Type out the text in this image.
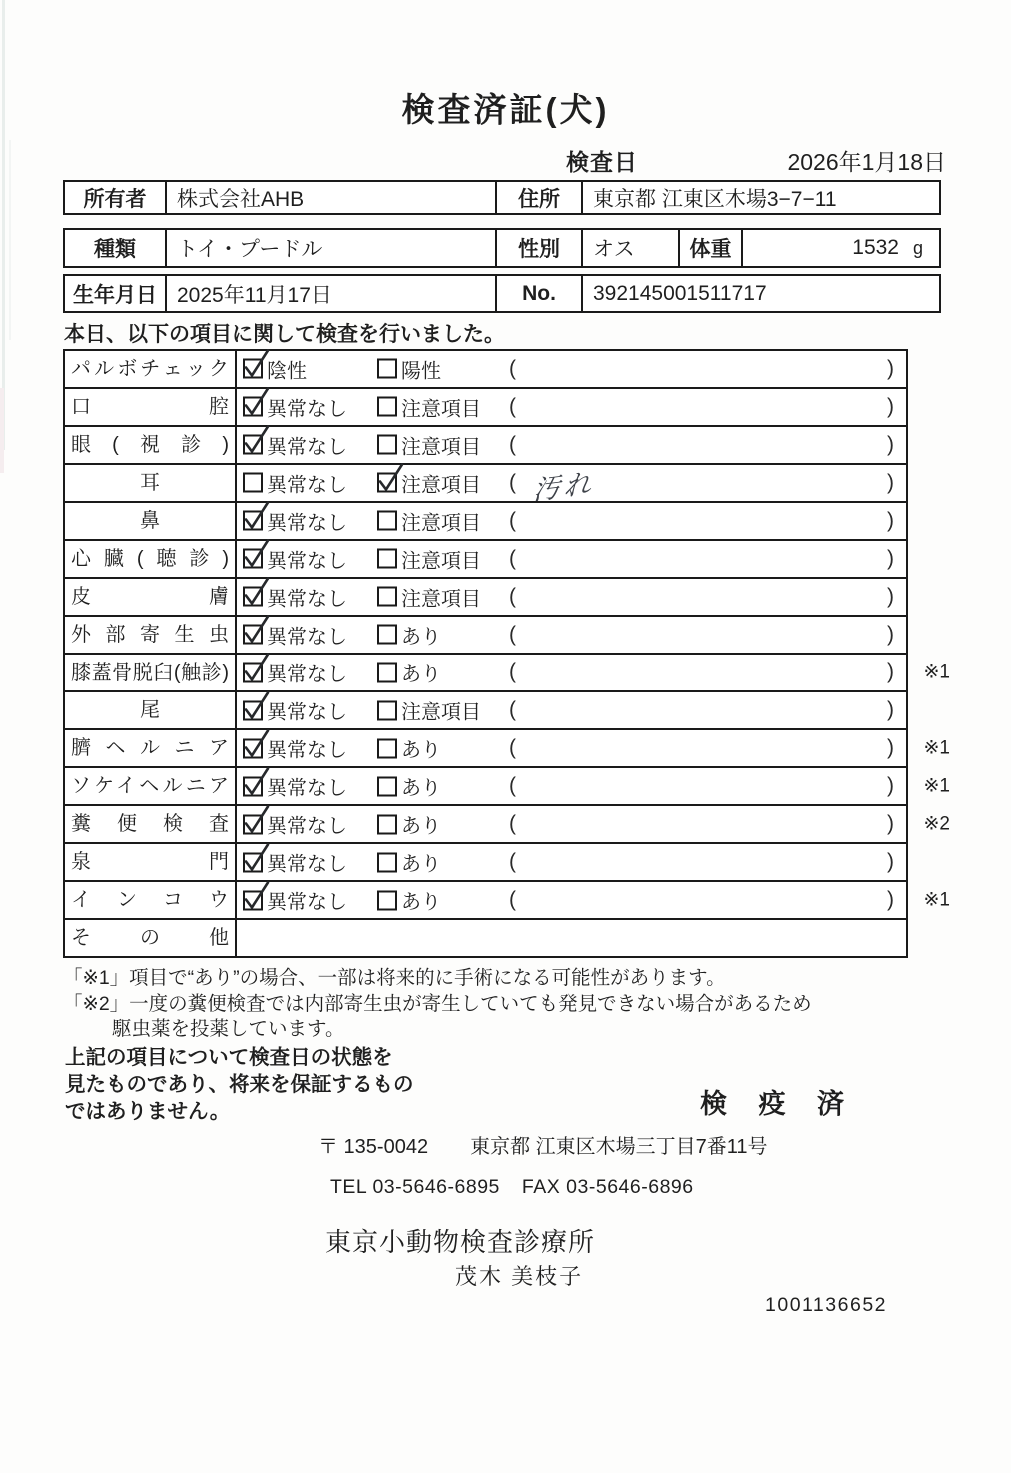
検査済証(犬)
検査日	2026年1月18日
所有者	株式会社AHB	住所	東京都 江東区木場3−7−11
種類	トイ・プードル	性別	オス	体重	1532 g
生年月日 2025年11月17日	No.	392145001511717
本日、以下の項目に関して検査を行いました。
パルボチェック	陰性	陽性	(	)
口腔	異常なし	注意項目 (	)
眼(視診)	異常なし	注意項目 (	)
耳	異常なし	注意項目 ( 汚れ	)
鼻	異常なし	注意項目 (	)
心臓(聴診)	異常なし	注意項目 (	)
皮膚	異常なし	注意項目 (	)
外部寄生虫	異常なし	あり	(	)
膝蓋骨脱臼(触診)	異常なし	あり	(	) ※1
尾	異常なし	注意項目 (	)
臍ヘルニア	異常なし	あり	(	) ※1
ソケイヘルニア	異常なし	あり	(	) ※1
糞便検査	異常なし	あり	(	) ※2
泉門	異常なし	あり	(	)
インコウ	異常なし	あり	(	) ※1
その他
「※1」項目で“あり”の場合、一部は将来的に手術になる可能性があります。
「※2」一度の糞便検査では内部寄生虫が寄生していても発見できない場合があるため
駆虫薬を投薬しています。
上記の項目について検査日の状態を
見たものであり、将来を保証するもの
ではありません。	検 疫 済
〒 135-0042 東京都 江東区木場三丁目7番11号
TEL 03-5646-6895 FAX 03-5646-6896
東京小動物検査診療所
茂木 美枝子
1001136652
